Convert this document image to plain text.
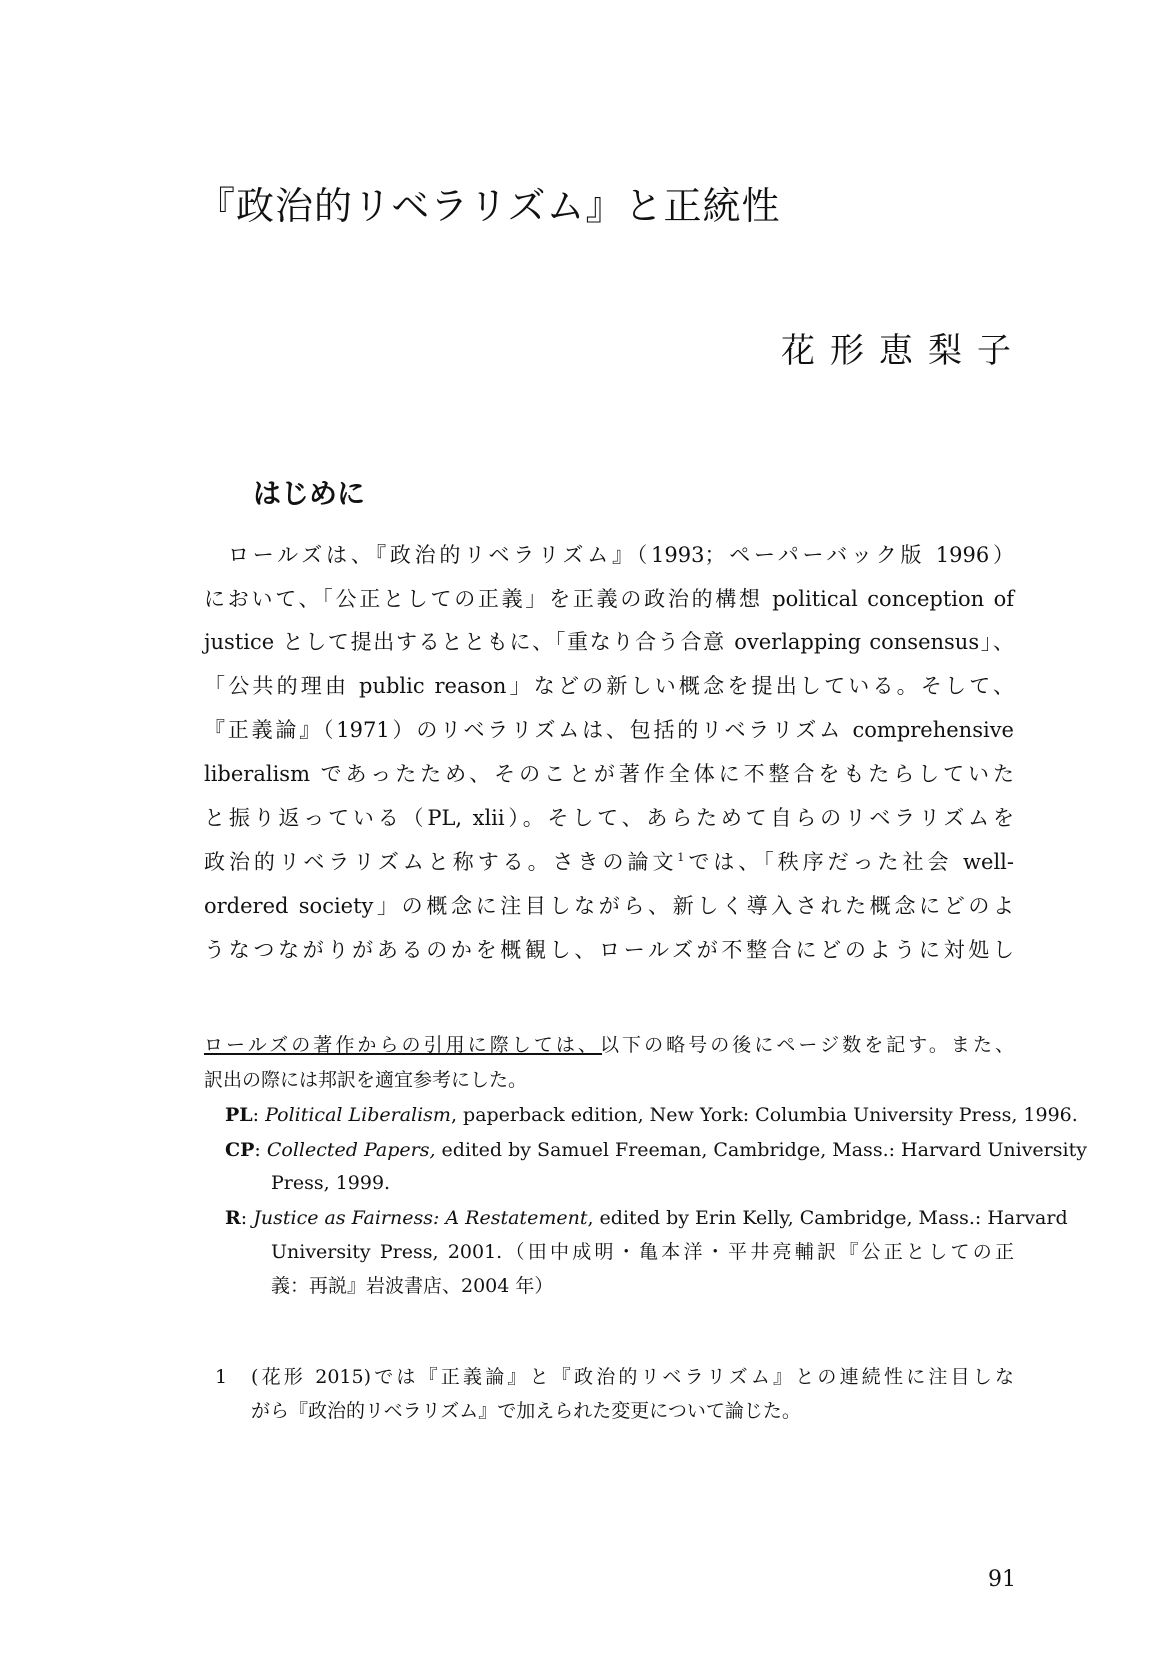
『政治的リベラリズム』と正統性
花形恵梨子
はじめに
ロールズは、『政治的リベラリズム』（1993；ペーパーバック版 1996）
において、「公正としての正義」を正義の政治的構想 political conception of
justice として提出するとともに、「重なり合う合意 overlapping consensus」、
「公共的理由 public reason」などの新しい概念を提出している。そして、
『正義論』（1971）のリベラリズムは、包括的リベラリズム comprehensive
liberalism であったため、そのことが著作全体に不整合をもたらしていた
と振り返っている（PL, xlii）。そして、あらためて自らのリベラリズムを
政治的リベラリズムと称する。さきの論文$^1$では、「秩序だった社会 well-
ordered society」の概念に注目しながら、新しく導入された概念にどのよ
うなつながりがあるのかを概観し、ロールズが不整合にどのように対処し
ロールズの著作からの引用に際しては、以下の略号の後にページ数を記す。また、
訳出の際には邦訳を適宜参考にした。
PL: Political Liberalism, paperback edition, New York: Columbia University Press, 1996.
CP: Collected Papers, edited by Samuel Freeman, Cambridge, Mass.: Harvard University
Press, 1999.
R: Justice as Fairness: A Restatement, edited by Erin Kelly, Cambridge, Mass.: Harvard
University Press, 2001.（田中成明・亀本洋・平井亮輔訳『公正としての正
義：再説』岩波書店、2004 年）
1 (花形 2015)では『正義論』と『政治的リベラリズム』との連続性に注目しな
がら『政治的リベラリズム』で加えられた変更について論じた。
91
